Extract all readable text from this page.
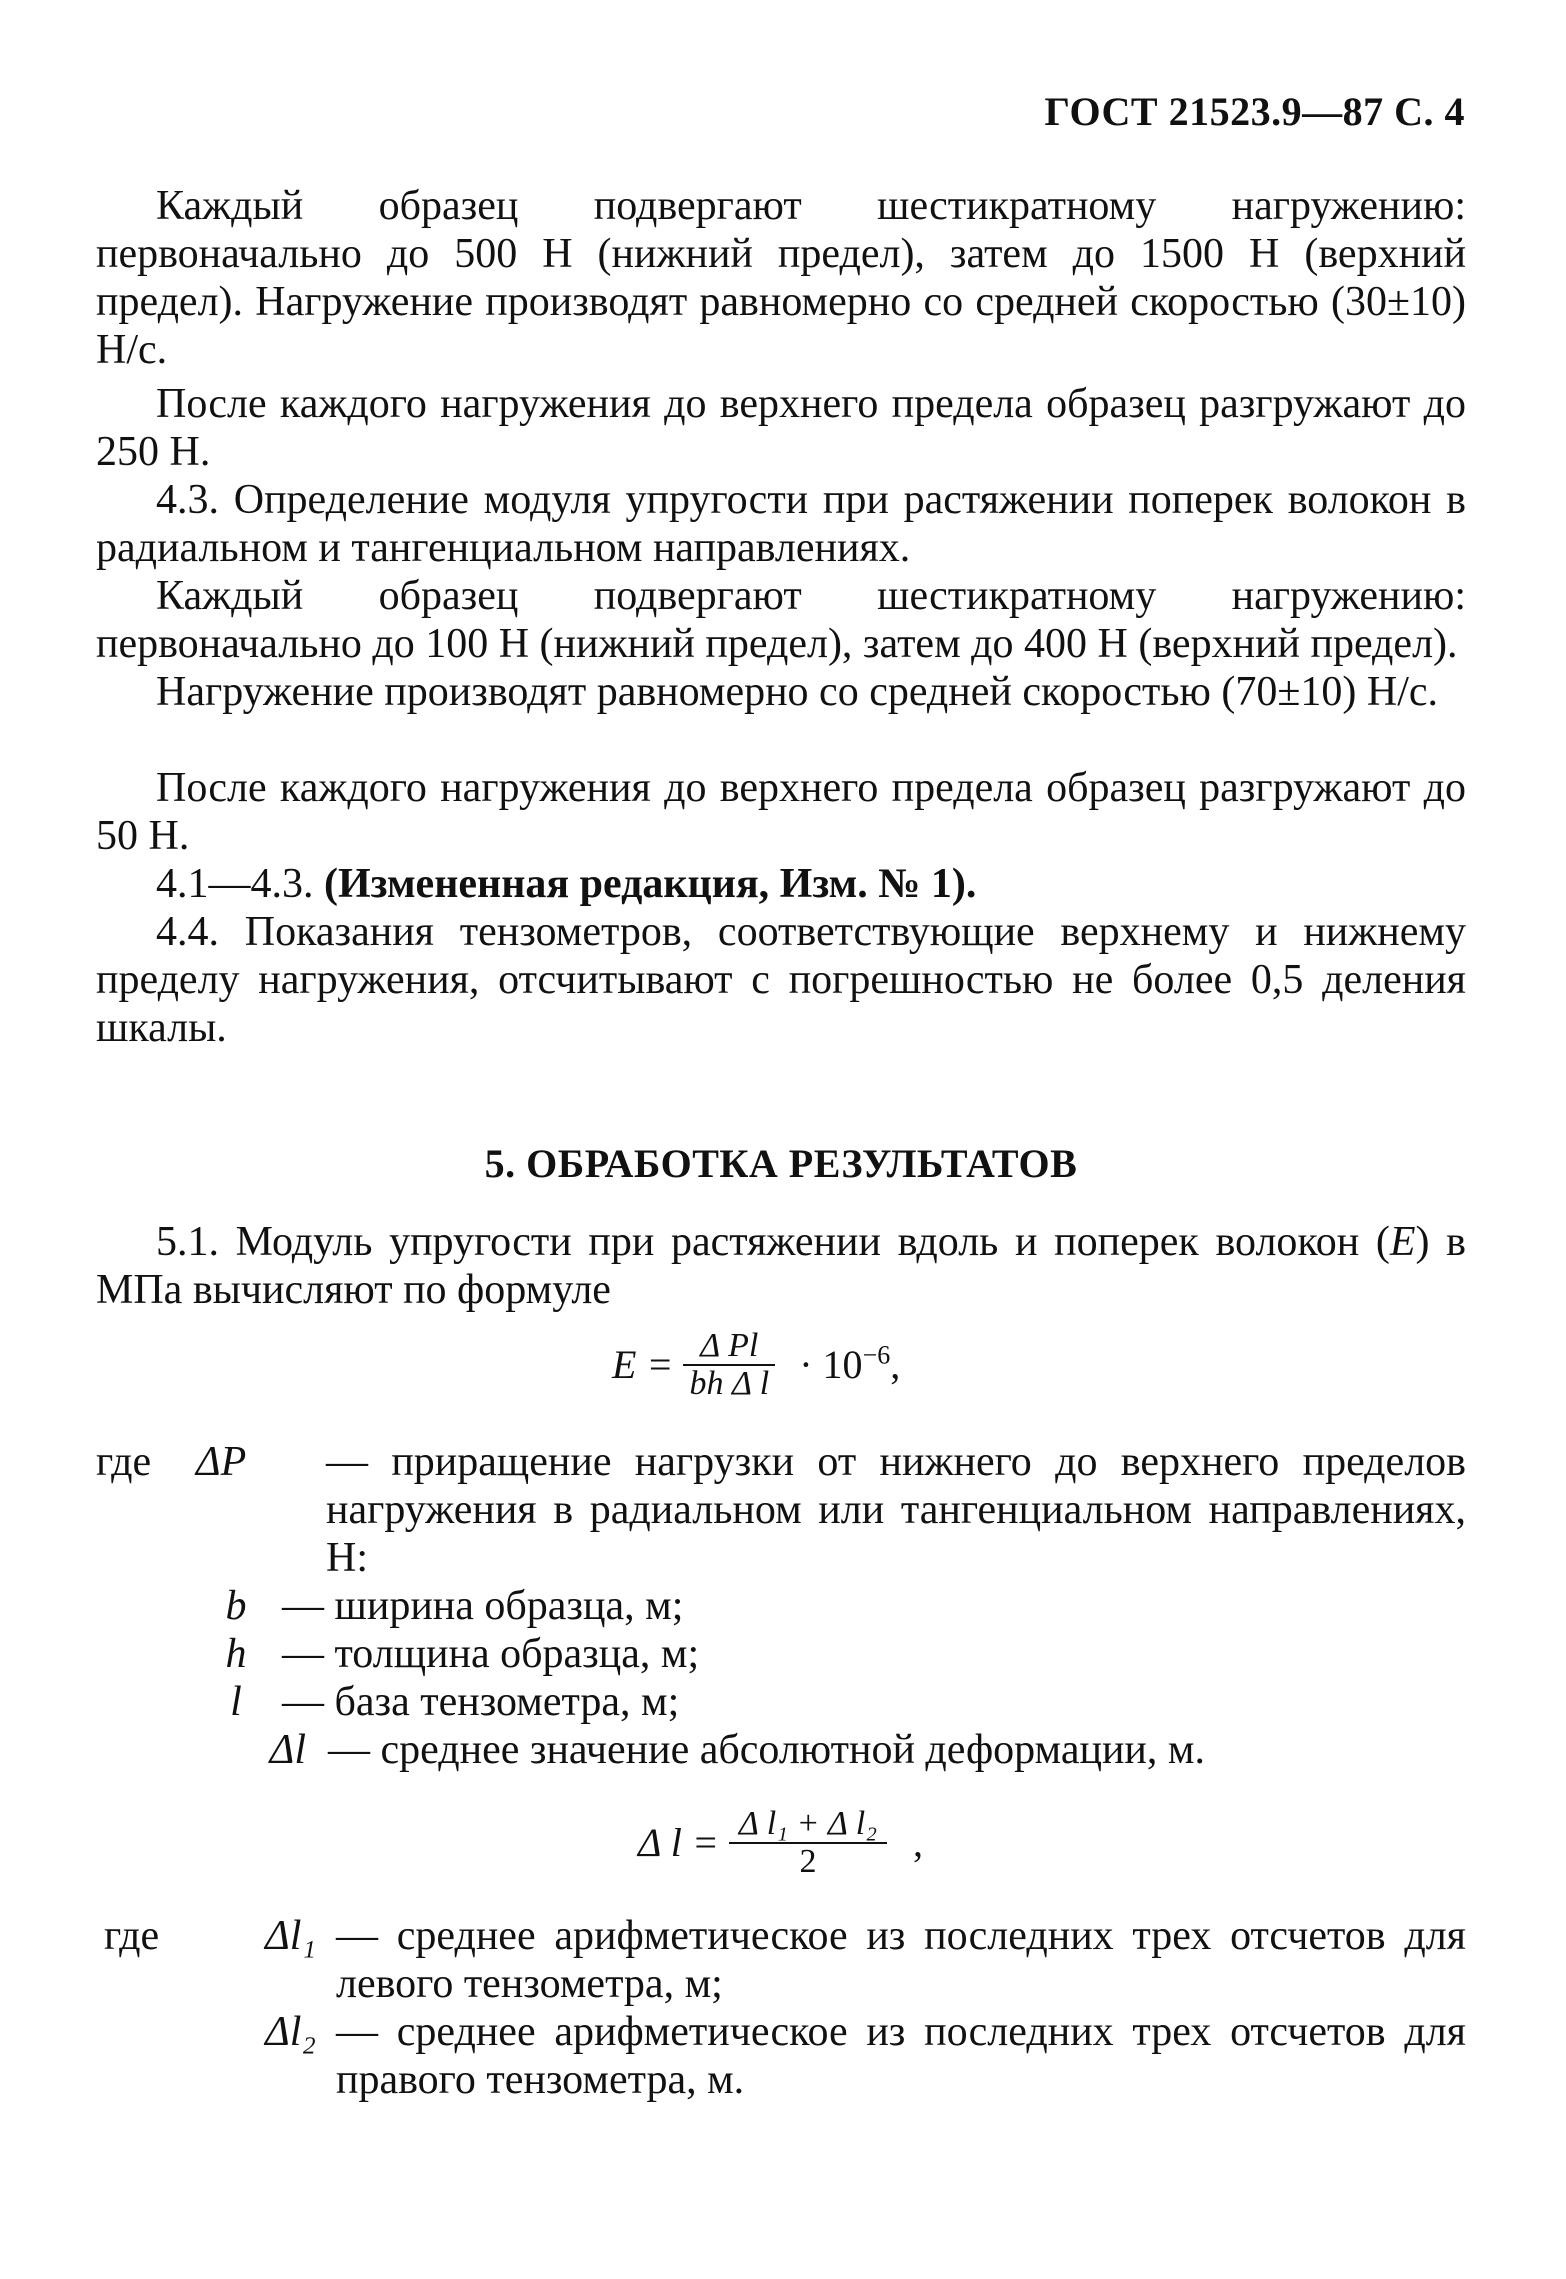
ГОСТ 21523.9—87 С. 4
Каждый образец подвергают шестикратному нагружению: первоначально до 500 Н (нижний предел), затем до 1500 Н (верхний предел). Нагружение производят равномерно со средней скоростью (30±10) Н/с.
После каждого нагружения до верхнего предела образец разгружают до 250 Н.
4.3. Определение модуля упругости при растяжении поперек волокон в радиальном и тангенциальном направлениях.
Каждый образец подвергают шестикратному нагружению: первоначально до 100 Н (нижний предел), затем до 400 Н (верхний предел).
Нагружение производят равномерно со средней скоростью (70±10) Н/с.
После каждого нагружения до верхнего предела образец разгружают до 50 Н.
4.1—4.3. (Измененная редакция, Изм. № 1).
4.4. Показания тензометров, соответствующие верхнему и нижнему пределу нагружения, отсчитывают с погрешностью не более 0,5 деления шкалы.
5. ОБРАБОТКА РЕЗУЛЬТАТОВ
5.1. Модуль упругости при растяжении вдоль и поперек волокон (E) в МПа вычисляют по формуле
$E = \frac{\text{Δ Pl}}{\text{bh Δ l}} \cdot 10^{-6}$,
где ΔP	— приращение нагрузки от нижнего до верхнего пределов нагружения в радиальном или тангенциальном направлениях, Н:
b — ширина образца, м;
h — толщина образца, м;
l — база тензометра, м;
Δl — среднее значение абсолютной деформации, м.
Δ $l = \frac{\text{Δ l₁ + Δ l₂}}{2}$ ,
где	Δl₁ — среднее арифметическое из последних трех отсчетов для левого тензометра, м;
Δl₂ — среднее арифметическое из последних трех отсчетов для правого тензометра, м.
